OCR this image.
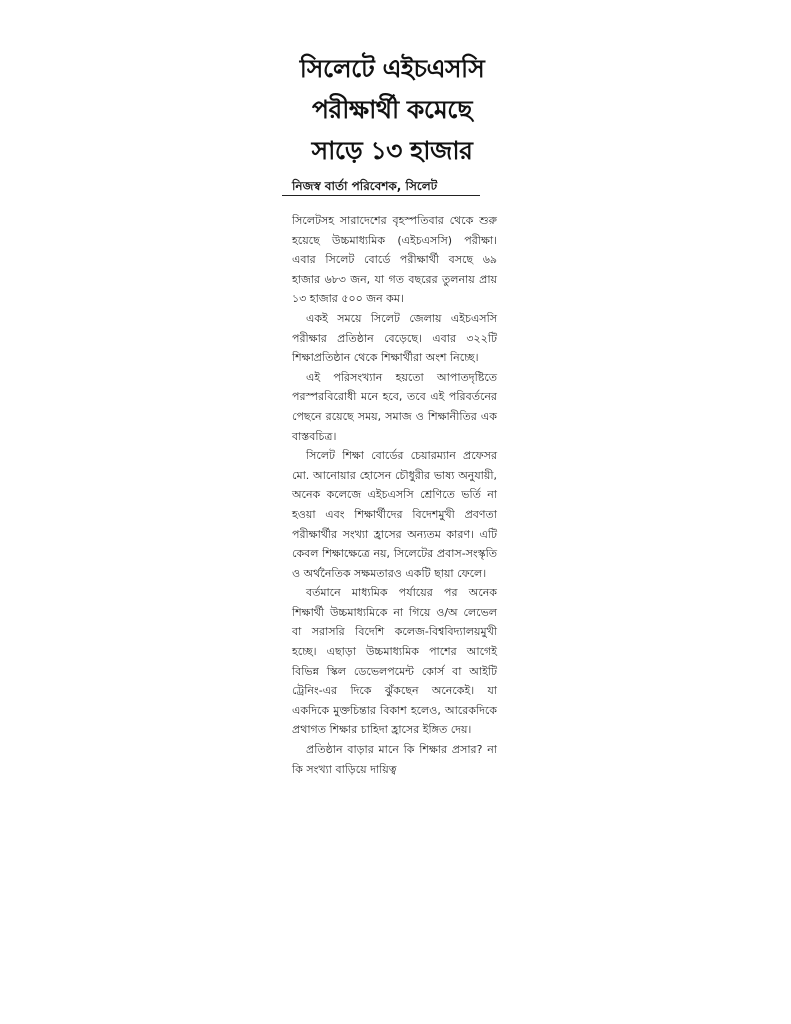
সিলেটে এইচএসসি
পরীক্ষার্থী কমেছে
সাড়ে ১৩ হাজার
নিজস্ব বার্তা পরিবেশক, সিলেট

সিলেটসহ সারাদেশের বৃহস্পতিবার থেকে শুরু হয়েছে উচ্চমাধ্যমিক (এইচএসসি) পরীক্ষা। এবার সিলেট বোর্ডে পরীক্ষার্থী বসছে ৬৯ হাজার ৬৮৩ জন, যা গত বছরের তুলনায় প্রায় ১৩ হাজার ৫০০ জন কম।

একই সময়ে সিলেট জেলায় এইচএসসি পরীক্ষার প্রতিষ্ঠান বেড়েছে। এবার ৩২২টি শিক্ষাপ্রতিষ্ঠান থেকে শিক্ষার্থীরা অংশ নিচ্ছে।

এই পরিসংখ্যান হয়তো আপাতদৃষ্টিতে পরস্পরবিরোধী মনে হবে, তবে এই পরিবর্তনের পেছনে রয়েছে সময়, সমাজ ও শিক্ষানীতির এক বাস্তবচিত্র।

সিলেট শিক্ষা বোর্ডের চেয়ারম্যান প্রফেসর মো. আনোয়ার হোসেন চৌধুরীর ভাষ্য অনুযায়ী, অনেক কলেজে এইচএসসি শ্রেণিতে ভর্তি না হওয়া এবং শিক্ষার্থীদের বিদেশমুখী প্রবণতা পরীক্ষার্থীর সংখ্যা হ্রাসের অন্যতম কারণ। এটি কেবল শিক্ষাক্ষেত্রে নয়, সিলেটের প্রবাস-সংস্কৃতি ও অর্থনৈতিক সক্ষমতারও একটি ছায়া ফেলে।

বর্তমানে মাধ্যমিক পর্যায়ের পর অনেক শিক্ষার্থী উচ্চমাধ্যমিকে না গিয়ে ও/অ লেভেল বা সরাসরি বিদেশি কলেজ-বিশ্ববিদ্যালয়মুখী হচ্ছে। এছাড়া উচ্চমাধ্যমিক পাশের আগেই বিভিন্ন স্কিল ডেভেলপমেন্ট কোর্স বা আইটি ট্রেনিং-এর দিকে ঝুঁকছেন অনেকেই। যা একদিকে মুক্তচিন্তার বিকাশ হলেও, আরেকদিকে প্রথাগত শিক্ষার চাহিদা হ্রাসের ইঙ্গিত দেয়।

প্রতিষ্ঠান বাড়ার মানে কি শিক্ষার প্রসার? না কি সংখ্যা বাড়িয়ে দায়িত্ব
